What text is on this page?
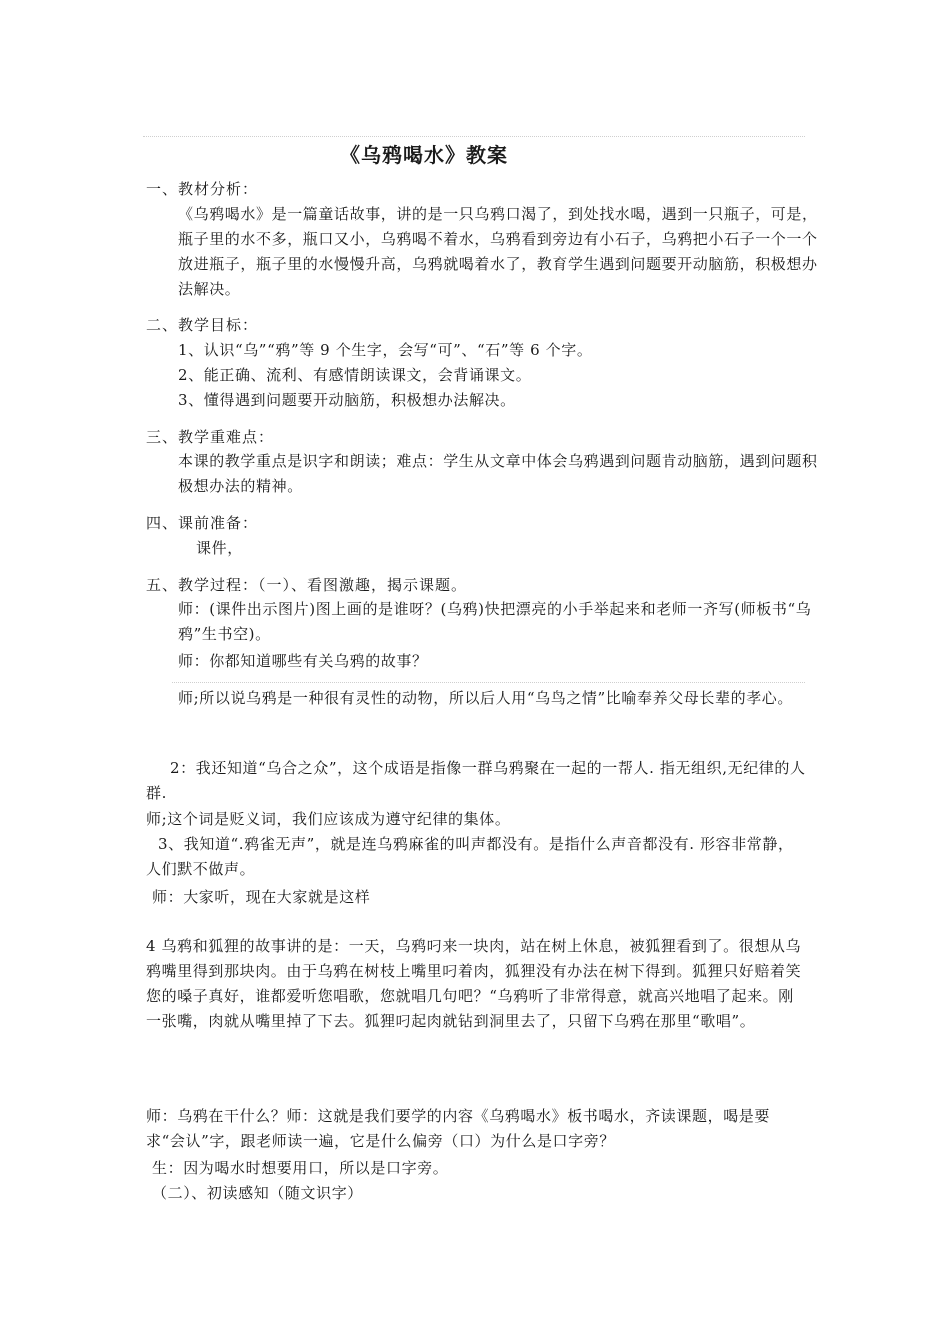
《乌鸦喝水》教案
一、教材分析：
《乌鸦喝水》是一篇童话故事，讲的是一只乌鸦口渴了，到处找水喝，遇到一只瓶子，可是，瓶子里的水不多，瓶口又小，乌鸦喝不着水，乌鸦看到旁边有小石子，乌鸦把小石子一个一个放进瓶子，瓶子里的水慢慢升高，乌鸦就喝着水了，教育学生遇到问题要开动脑筋，积极想办法解决。
二、教学目标：
1、认识“乌”“鸦”等 9 个生字，会写“可”、“石”等 6 个字。
2、能正确、流利、有感情朗读课文，会背诵课文。
3、懂得遇到问题要开动脑筋，积极想办法解决。
三、教学重难点：
本课的教学重点是识字和朗读；难点：学生从文章中体会乌鸦遇到问题肯动脑筋，遇到问题积极想办法的精神。
四、课前准备：
课件，
五、教学过程：（一）、看图激趣，揭示课题。
师：(课件出示图片)图上画的是谁呀？(乌鸦)快把漂亮的小手举起来和老师一齐写(师板书“乌鸦”生书空)。
师：你都知道哪些有关乌鸦的故事？
师;所以说乌鸦是一种很有灵性的动物，所以后人用“乌鸟之情”比喻奉养父母长辈的孝心。
2：我还知道“乌合之众”，这个成语是指像一群乌鸦聚在一起的一帮人. 指无组织,无纪律的人群.
师;这个词是贬义词，我们应该成为遵守纪律的集体。
3、我知道“.鸦雀无声”，就是连乌鸦麻雀的叫声都没有。是指什么声音都没有. 形容非常静，人们默不做声。
师：大家听，现在大家就是这样
4 乌鸦和狐狸的故事讲的是：一天，乌鸦叼来一块肉，站在树上休息，被狐狸看到了。很想从乌鸦嘴里得到那块肉。由于乌鸦在树枝上嘴里叼着肉，狐狸没有办法在树下得到。狐狸只好赔着笑您的嗓子真好，谁都爱听您唱歌，您就唱几句吧？“乌鸦听了非常得意，就高兴地唱了起来。刚一张嘴，肉就从嘴里掉了下去。狐狸叼起肉就钻到洞里去了，只留下乌鸦在那里“歌唱”。
师：乌鸦在干什么？师：这就是我们要学的内容《乌鸦喝水》板书喝水，齐读课题，喝是要求“会认”字，跟老师读一遍，它是什么偏旁（口）为什么是口字旁？
生：因为喝水时想要用口，所以是口字旁。
（二）、初读感知（随文识字）
